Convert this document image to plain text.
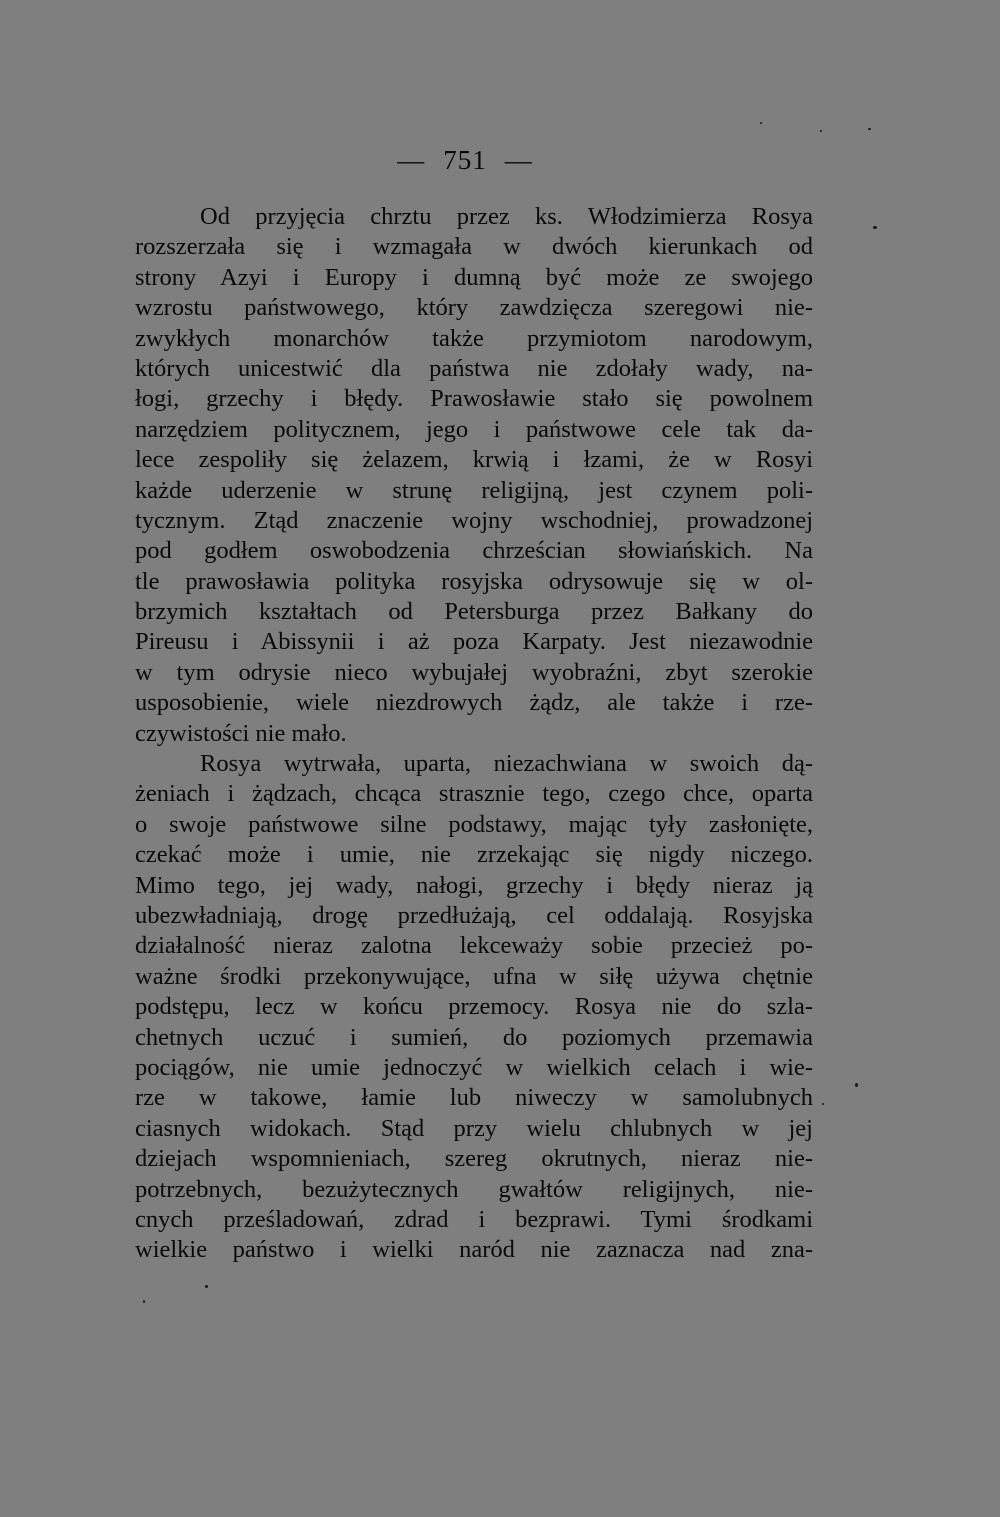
— 751 —
Od przyjęcia chrztu przez ks. Włodzimierza Rosya
rozszerzała się i wzmagała w dwóch kierunkach od
strony Azyi i Europy i dumną być może ze swojego
wzrostu państwowego, który zawdzięcza szeregowi nie-
zwykłych monarchów także przymiotom narodowym,
których unicestwić dla państwa nie zdołały wady, na-
łogi, grzechy i błędy. Prawosławie stało się powolnem
narzędziem politycznem, jego i państwowe cele tak da-
lece zespoliły się żelazem, krwią i łzami, że w Rosyi
każde uderzenie w strunę religijną, jest czynem poli-
tycznym. Ztąd znaczenie wojny wschodniej, prowadzonej
pod godłem oswobodzenia chrześcian słowiańskich. Na
tle prawosławia polityka rosyjska odrysowuje się w ol-
brzymich kształtach od Petersburga przez Bałkany do
Pireusu i Abissynii i aż poza Karpaty. Jest niezawodnie
w tym odrysie nieco wybujałej wyobraźni, zbyt szerokie
usposobienie, wiele niezdrowych żądz, ale także i rze-
czywistości nie mało.
Rosya wytrwała, uparta, niezachwiana w swoich dą-
żeniach i żądzach, chcąca strasznie tego, czego chce, oparta
o swoje państwowe silne podstawy, mając tyły zasłonięte,
czekać może i umie, nie zrzekając się nigdy niczego.
Mimo tego, jej wady, nałogi, grzechy i błędy nieraz ją
ubezwładniają, drogę przedłużają, cel oddalają. Rosyjska
działalność nieraz zalotna lekceważy sobie przecież po-
ważne środki przekonywujące, ufna w siłę używa chętnie
podstępu, lecz w końcu przemocy. Rosya nie do szla-
chetnych uczuć i sumień, do poziomych przemawia
pociągów, nie umie jednoczyć w wielkich celach i wie-
rze w takowe, łamie lub niweczy w samolubnych
ciasnych widokach. Stąd przy wielu chlubnych w jej
dziejach wspomnieniach, szereg okrutnych, nieraz nie-
potrzebnych, bezużytecznych gwałtów religijnych, nie-
cnych prześladowań, zdrad i bezprawi. Tymi środkami
wielkie państwo i wielki naród nie zaznacza nad zna-
